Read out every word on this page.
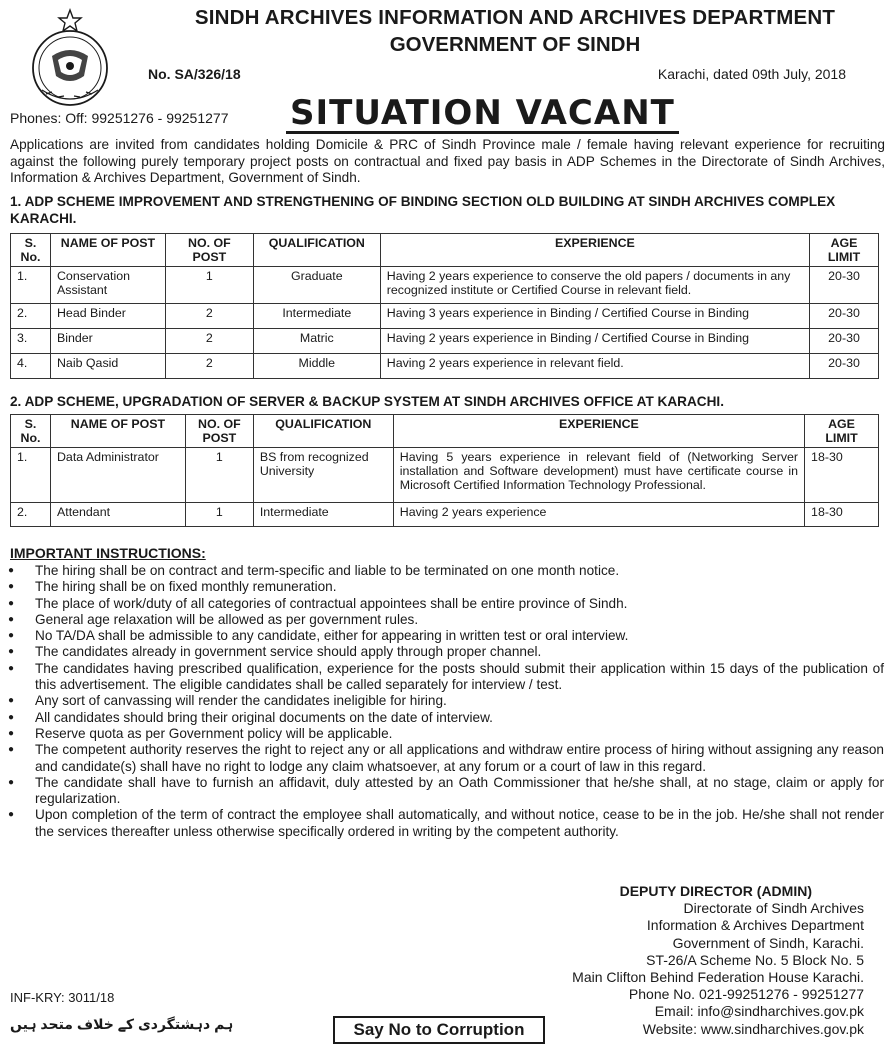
SINDH ARCHIVES INFORMATION AND ARCHIVES DEPARTMENT
GOVERNMENT OF SINDH
No. SA/326/18	Karachi, dated 09th July, 2018
SITUATION VACANT
Phones: Off: 99251276 - 99251277

Applications are invited from candidates holding Domicile & PRC of Sindh Province male / female having relevant experience for recruiting against the following purely temporary project posts on contractual and fixed pay basis in ADP Schemes in the Directorate of Sindh Archives, Information & Archives Department, Government of Sindh.

1. ADP SCHEME IMPROVEMENT AND STRENGTHENING OF BINDING SECTION OLD BUILDING AT SINDH ARCHIVES COMPLEX KARACHI.
S. No.	NAME OF POST	NO. OF POST	QUALIFICATION	EXPERIENCE	AGE LIMIT
1.	Conservation Assistant	1	Graduate	Having 2 years experience to conserve the old papers / documents in any recognized institute or Certified Course in relevant field.	20-30
2.	Head Binder	2	Intermediate	Having 3 years experience in Binding / Certified Course in Binding	20-30
3.	Binder	2	Matric	Having 2 years experience in Binding / Certified Course in Binding	20-30
4.	Naib Qasid	2	Middle	Having 2 years experience in relevant field.	20-30
2. ADP SCHEME, UPGRADATION OF SERVER & BACKUP SYSTEM AT SINDH ARCHIVES OFFICE AT KARACHI.
S. No.	NAME OF POST	NO. OF POST	QUALIFICATION	EXPERIENCE	AGE LIMIT
1.	Data Administrator	1	BS from recognized University	Having 5 years experience in relevant field of (Networking Server installation and Software development) must have certificate course in Microsoft Certified Information Technology Professional.	18-30
2.	Attendant	1	Intermediate	Having 2 years experience	18-30
IMPORTANT INSTRUCTIONS:
● The hiring shall be on contract and term-specific and liable to be terminated on one month notice.
● The hiring shall be on fixed monthly remuneration.
● The place of work/duty of all categories of contractual appointees shall be entire province of Sindh.
● General age relaxation will be allowed as per government rules.
● No TA/DA shall be admissible to any candidate, either for appearing in written test or oral interview.
● The candidates already in government service should apply through proper channel.
● The candidates having prescribed qualification, experience for the posts should submit their application within 15 days of the publication of this advertisement. The eligible candidates shall be called separately for interview / test.
● Any sort of canvassing will render the candidates ineligible for hiring.
● All candidates should bring their original documents on the date of interview.
● Reserve quota as per Government policy will be applicable.
● The competent authority reserves the right to reject any or all applications and withdraw entire process of hiring without assigning any reason and candidate(s) shall have no right to lodge any claim whatsoever, at any forum or a court of law in this regard.
● The candidate shall have to furnish an affidavit, duly attested by an Oath Commissioner that he/she shall, at no stage, claim or apply for regularization.
● Upon completion of the term of contract the employee shall automatically, and without notice, cease to be in the job. He/she shall not render the services thereafter unless otherwise specifically ordered in writing by the competent authority.
DEPUTY DIRECTOR (ADMIN)
Directorate of Sindh Archives
Information & Archives Department
Government of Sindh, Karachi.
ST-26/A Scheme No. 5 Block No. 5
Main Clifton Behind Federation House Karachi.
Phone No. 021-99251276 - 99251277
Email: info@sindharchives.gov.pk
Website: www.sindharchives.gov.pk
INF-KRY: 3011/18
ہم دہشتگردی کے خلاف متحد ہیں	Say No to Corruption
